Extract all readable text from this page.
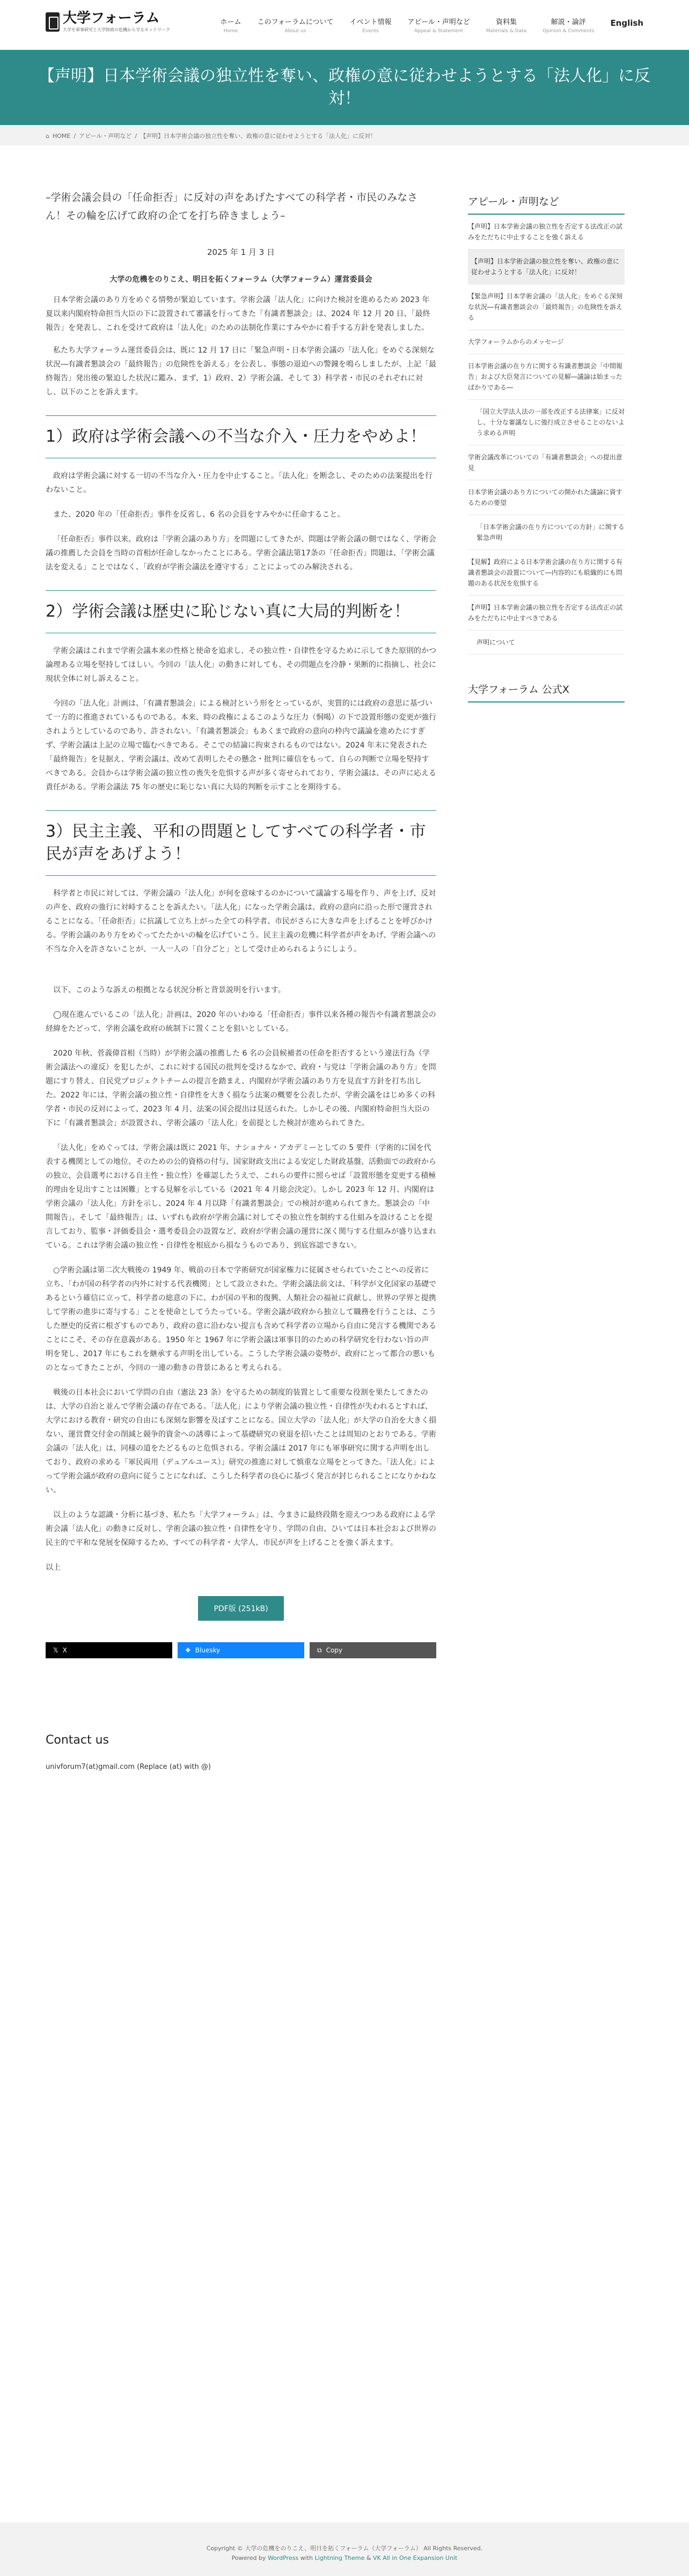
大学フォーラム
大学を軍事研究と大学財政の危機から守るネットワーク
ホーム
Home
このフォーラムについて
About us
イベント情報
Events
アピール・声明など
Appeal & Statement
資料集
Materials & Data
解説・論評
Opinion & Comments
English
【声明】日本学術会議の独立性を奪い、政権の意に従わせようとする「法人化」に反対！
⌂ HOME / アピール・声明など / 【声明】日本学術会議の独立性を奪い、政権の意に従わせようとする「法人化」に反対！
–学術会議会員の「任命拒否」に反対の声をあげたすべての科学者・市民のみなさん！その輪を広げて政府の企てを打ち砕きましょう–
2025 年 1 月 3 日
大学の危機をのりこえ、明日を拓くフォーラム（大学フォーラム）運営委員会

日本学術会議のあり方をめぐる情勢が緊迫しています。学術会議「法人化」に向けた検討を進めるため 2023 年夏以来内閣府特命担当大臣の下に設置されて審議を行ってきた「有識者懇談会」は、2024 年 12 月 20 日、「最終報告」を発表し、これを受けて政府は「法人化」のための法制化作業にすみやかに着手する方針を発表しました。

私たち大学フォーラム運営委員会は、既に 12 月 17 日に「緊急声明・日本学術会議の「法人化」をめぐる深刻な状況―有識者懇談会の「最終報告」の危険性を訴える」を公表し、事態の退迫への警鐘を鳴らしましたが、上記「最終報告」発出後の緊迫した状況に鑑み、まず、1）政府、2）学術会議、そして 3）科学者・市民のそれぞれに対し、以下のことを訴えます。

1）政府は学術会議への不当な介入・圧力をやめよ！

政府は学術会議に対する一切の不当な介入・圧力を中止すること。「法人化」を断念し、そのための法案提出を行わないこと。

また、2020 年の「任命拒否」事件を反省し、6 名の会員をすみやかに任命すること。

「任命拒否」事件以来、政府は「学術会議のあり方」を問題にしてきたが、問題は学術会議の側ではなく、学術会議の推薦した会員を当時の首相が任命しなかったことにある。学術会議法第17条の「任命拒否」問題は、「学術会議法を変える」ことではなく、「政府が学術会議法を遵守する」ことによってのみ解決される。

2）学術会議は歴史に恥じない真に大局的判断を！

学術会議はこれまで学術会議本来の性格と使命を追求し、その独立性・自律性を守るために示してきた原則的かつ論理ある立場を堅持してほしい。今回の「法人化」の動きに対しても、その問題点を冷静・果断的に指摘し、社会に現状全体に対し訴えること。

今回の「法人化」計画は、「有識者懇談会」による検討という形をとっているが、実質的には政府の意思に基づいて一方的に推進されているものである。本来、時の政権によるこのような圧力（恫喝）の下で設置形態の変更が強行されようとしているのであり、許されない。「有識者懇談会」もあくまで政府の意向の枠内で議論を進めたにすぎず、学術会議は上記の立場で臨むべきである。そこでの結論に拘束されるものではない。2024 年末に発表された「最終報告」を見据え、学術会議は、改めて表明したその懸念・批判に確信をもって、自らの判断で立場を堅持すべきである。会員からは学術会議の独立性の喪失を危惧する声が多く寄せられており、学術会議は、その声に応える責任がある。学術会議法 75 年の歴史に恥じない真に大局的判断を示すことを期待する。

3）民主主義、平和の問題としてすべての科学者・市民が声をあげよう！

科学者と市民に対しては、学術会議の「法人化」が何を意味するのかについて議論する場を作り、声を上げ、反対の声を、政府の強行に対峙することを訴えたい。「法人化」になった学術会議は、政府の意向に沿った形で運営されることになる。「任命拒否」に抗議して立ち上がった全ての科学者、市民がさらに大きな声を上げることを呼びかける。学術会議のあり方をめぐってたたかいの輪を広げていこう。民主主義の危機に科学者が声をあげ、学術会議への不当な介入を許さないことが、一人一人の「自分ごと」として受け止められるようにしよう。

以下、このような訴えの根拠となる状況分析と背景説明を行います。

◯現在進んでいるこの「法人化」計画は、2020 年のいわゆる「任命拒否」事件以来各種の報告や有識者懇談会の経緯をたどって、学術会議を政府の統制下に置くことを狙いとしている。

2020 年秋、菅義偉首相（当時）が学術会議の推薦した 6 名の会員候補者の任命を拒否するという違法行為（学術会議法への違反）を犯したが、これに対する国民の批判を受けるなかで、政府・与党は「学術会議のあり方」を問題にすり替え、自民党プロジェクトチームの提言を踏まえ、内閣府が学術会議のあり方を見直す方針を打ち出した。2022 年には、学術会議の独立性・自律性を大きく損なう法案の概要を公表したが、学術会議をはじめ多くの科学者・市民の反対によって、2023 年 4 月、法案の国会提出は見送られた。しかしその後、内閣府特命担当大臣の下に「有識者懇談会」が設置され、学術会議の「法人化」を前提とした検討が進められてきた。

「法人化」をめぐっては、学術会議は既に 2021 年、ナショナル・アカデミーとしての 5 要件（学術的に国を代表する機関としての地位、そのための公的資格の付与、国家財政支出による安定した財政基盤、活動面での政府からの独立、会員選考における自主性・独立性）を確認したうえで、これらの要件に照らせば「設置形態を変更する積極的理由を見出すことは困難」とする見解を示している（2021 年 4 月総会決定）。しかし 2023 年 12 月、内閣府は学術会議の「法人化」方針を示し、2024 年 4 月以降「有識者懇談会」での検討が進められてきた。懇談会の「中間報告」、そして「最終報告」は、いずれも政府が学術会議に対してその独立性を制約する仕組みを設けることを提言しており、監事・評価委員会・選考委員会の設置など、政府が学術会議の運営に深く関与する仕組みが盛り込まれている。これは学術会議の独立性・自律性を根底から損なうものであり、到底容認できない。

○学術会議は第二次大戦後の 1949 年、戦前の日本で学術研究が国家権力に従属させられていたことへの反省に立ち、「わが国の科学者の内外に対する代表機関」として設立された。学術会議法前文は、「科学が文化国家の基礎であるという確信に立って、科学者の総意の下に、わが国の平和的復興、人類社会の福祉に貢献し、世界の学界と提携して学術の進歩に寄与する」ことを使命としてうたっている。学術会議が政府から独立して職務を行うことは、こうした歴史的反省に根ざすものであり、政府の意に沿わない提言も含めて科学者の立場から自由に発言する機関であることにこそ、その存在意義がある。1950 年と 1967 年に学術会議は軍事目的のための科学研究を行わない旨の声明を発し、2017 年にもこれを継承する声明を出している。こうした学術会議の姿勢が、政府にとって都合の悪いものとなってきたことが、今回の一連の動きの背景にあると考えられる。

戦後の日本社会において学問の自由（憲法 23 条）を守るための制度的装置として重要な役割を果たしてきたのは、大学の自治と並んで学術会議の存在である。「法人化」により学術会議の独立性・自律性が失われるとすれば、大学における教育・研究の自由にも深刻な影響を及ぼすことになる。国立大学の「法人化」が大学の自治を大きく損ない、運営費交付金の削減と競争的資金への誘導によって基礎研究の衰退を招いたことは周知のとおりである。学術会議の「法人化」は、同様の道をたどるものと危惧される。学術会議は 2017 年にも軍事研究に関する声明を出しており、政府の求める「軍民両用（デュアルユース）」研究の推進に対して慎重な立場をとってきた。「法人化」によって学術会議が政府の意向に従うことになれば、こうした科学者の良心に基づく発言が封じられることになりかねない。

以上のような認識・分析に基づき、私たち「大学フォーラム」は、今まさに最終段階を迎えつつある政府による学術会議「法人化」の動きに反対し、学術会議の独立性・自律性を守り、学問の自由、ひいては日本社会および世界の民主的で平和な発展を保障するため、すべての科学者・大学人、市民が声を上げることを強く訴えます。

以上

PDF版 (251kB)
𝕏 X	❖ Bluesky	⧉ Copy
Contact us
univforum7(at)gmail.com (Replace (at) with @)
アピール・声明など
【声明】日本学術会議の独立性を否定する法改正の試みをただちに中止することを強く訴える
【声明】日本学術会議の独立性を奪い、政権の意に従わせようとする「法人化」に反対！
【緊急声明】日本学術会議の「法人化」をめぐる深刻な状況―有識者懇談会の「最終報告」の危険性を訴える
大学フォーラムからのメッセージ
日本学術会議の在り方に関する有識者懇談会「中間報告」および大臣発言についての見解―議論は始まったばかりである―
「国立大学法人法の一部を改正する法律案」に反対し、十分な審議なしに強行成立させることのないよう求める声明
学術会議改革についての「有識者懇談会」への提出意見
日本学術会議のあり方についての開かれた議論に資するための要望
「日本学術会議の在り方についての方針」に関する緊急声明
【見解】政府による日本学術会議の在り方に関する有識者懇談会の設置について―内容的にも組織的にも問題のある状況を危惧する
【声明】日本学術会議の独立性を否定する法改正の試みをただちに中止すべきである
声明について
大学フォーラム 公式X
Copyright © 大学の危機をのりこえ、明日を拓くフォーラム（大学フォーラム） All Rights Reserved.
Powered by WordPress with Lightning Theme & VK All in One Expansion Unit
